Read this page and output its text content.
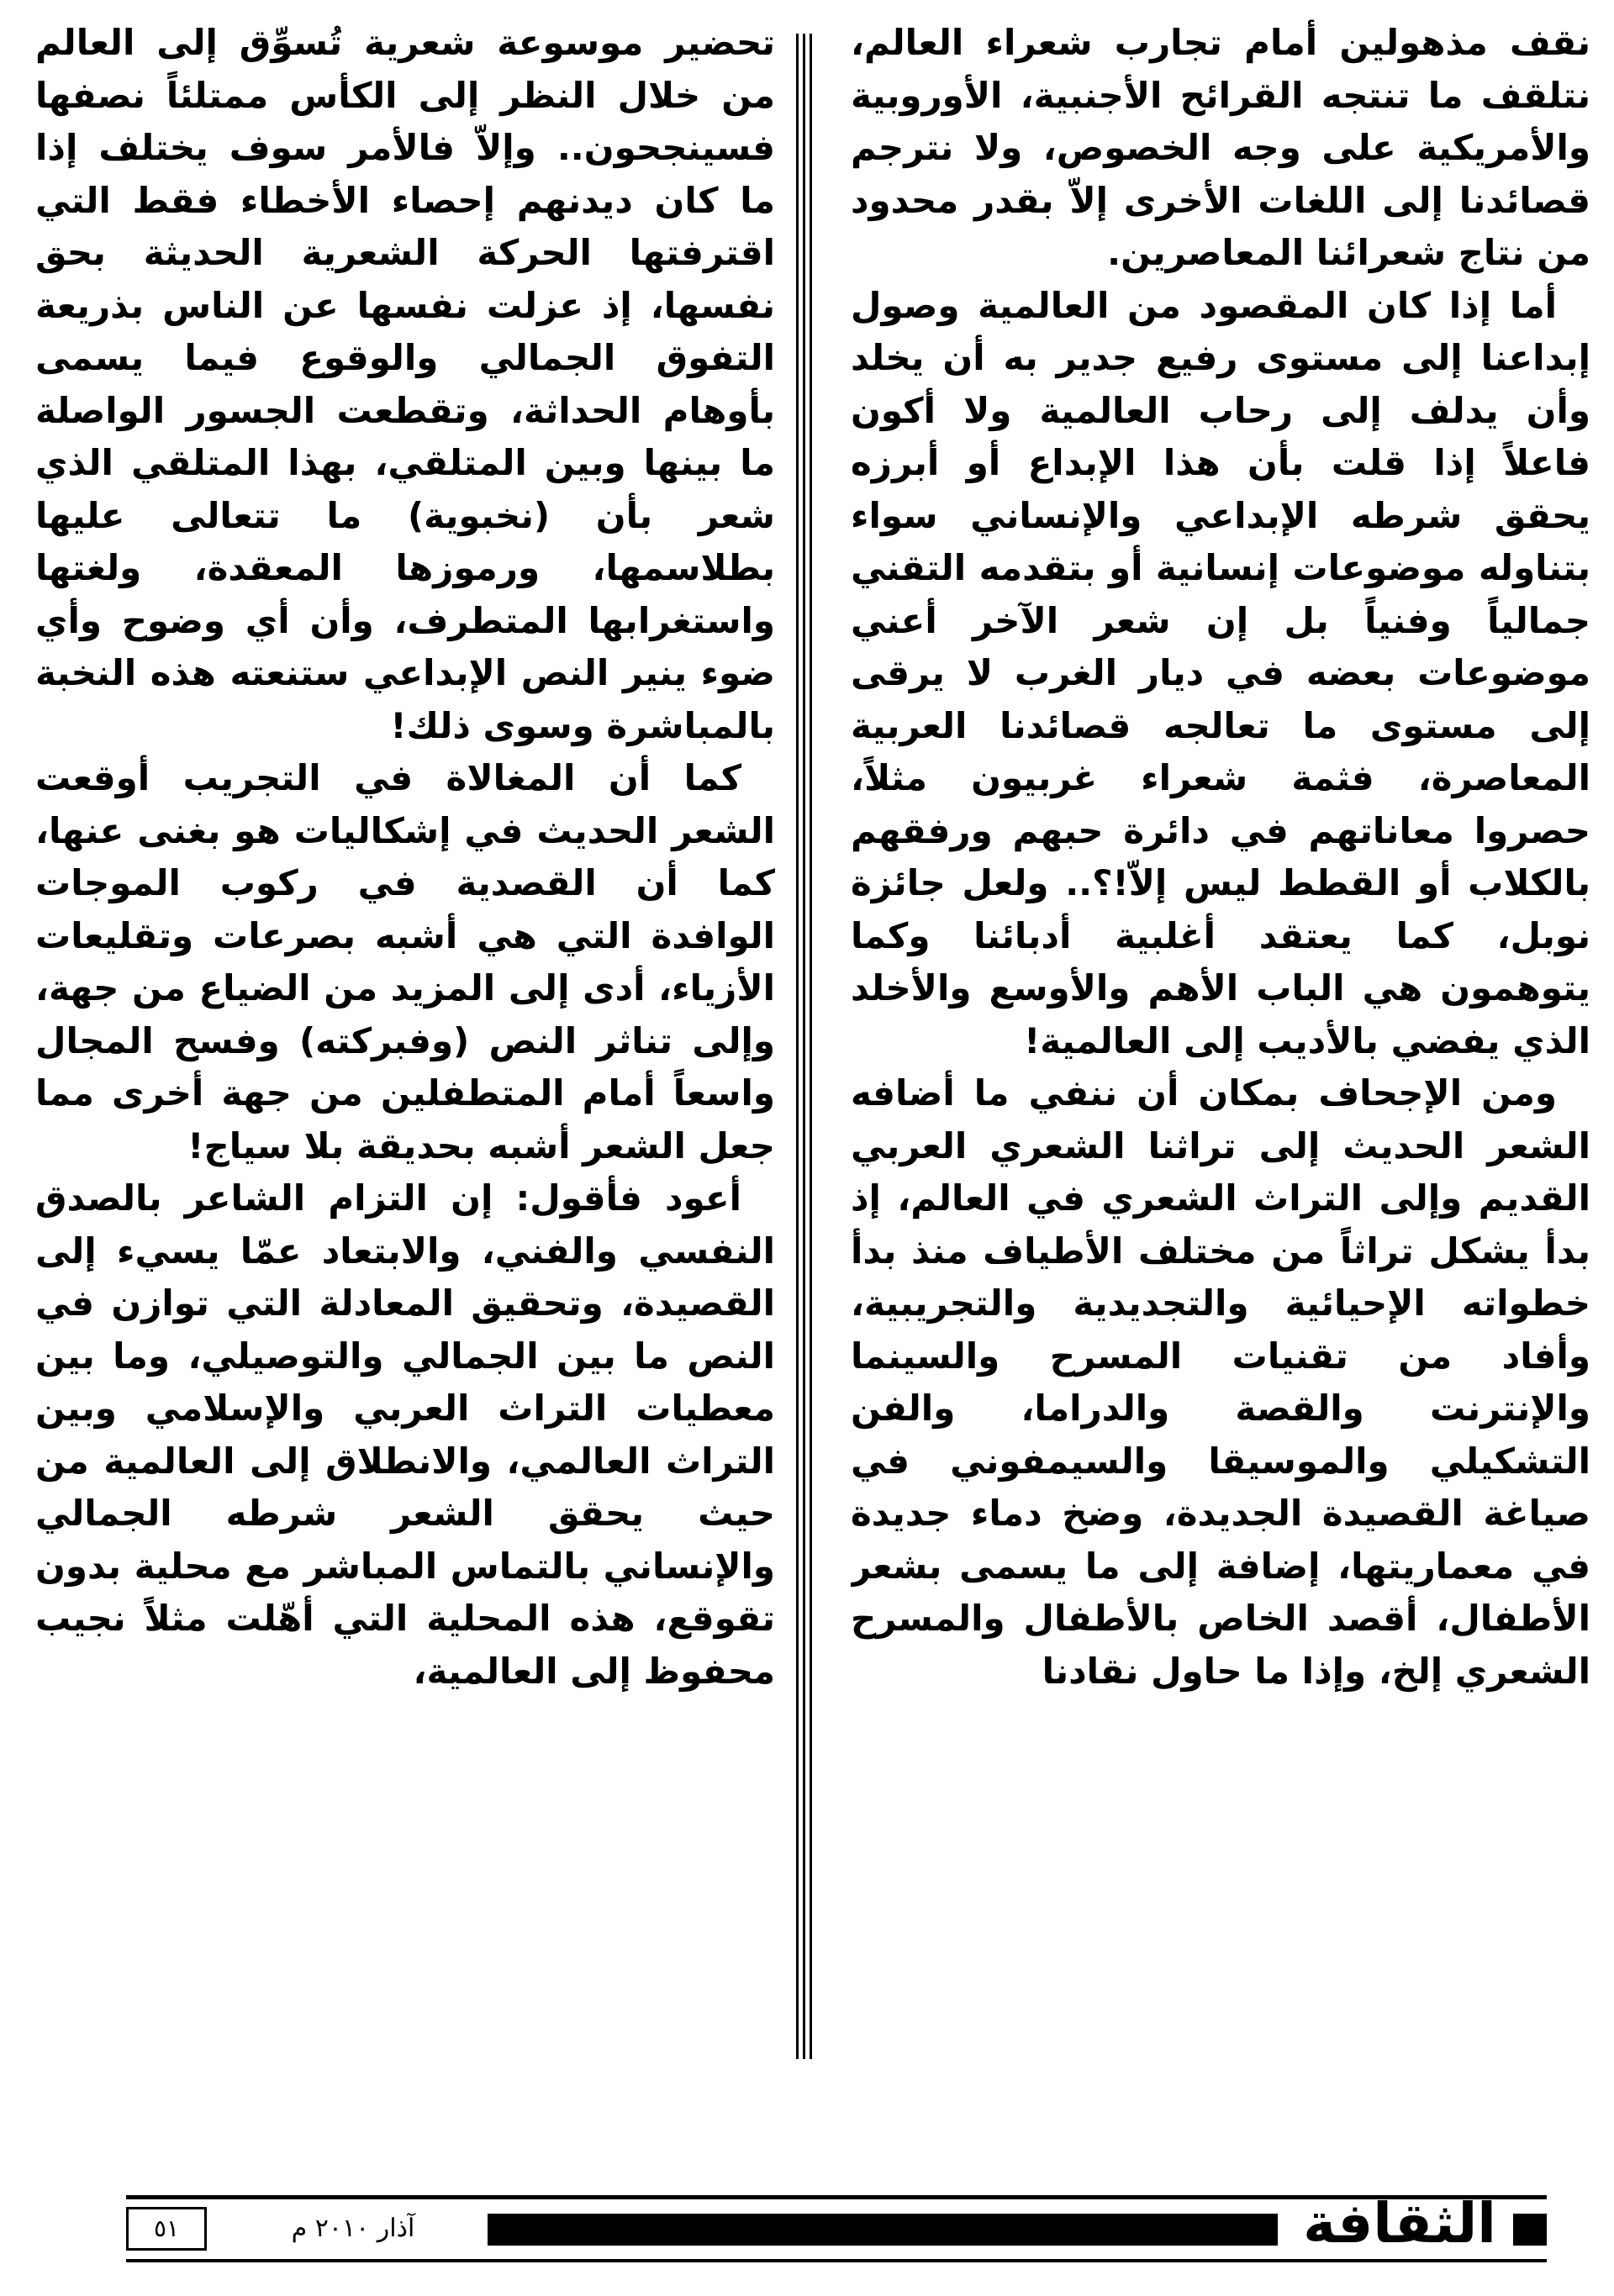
نقف مذهولين أمام تجارب شعراء العالم، نتلقف ما تنتجه القرائح الأجنبية، الأوروبية والأمريكية على وجه الخصوص، ولا نترجم قصائدنا إلى اللغات الأخرى إلاّ بقدر محدود من نتاج شعرائنا المعاصرين.

أما إذا كان المقصود من العالمية وصول إبداعنا إلى مستوى رفيع جدير به أن يخلد وأن يدلف إلى رحاب العالمية ولا أكون فاعلاً إذا قلت بأن هذا الإبداع أو أبرزه يحقق شرطه الإبداعي والإنساني سواء بتناوله موضوعات إنسانية أو بتقدمه التقني جمالياً وفنياً بل إن شعر الآخر أعني موضوعات بعضه في ديار الغرب لا يرقى إلى مستوى ما تعالجه قصائدنا العربية المعاصرة، فثمة شعراء غربيون مثلاً، حصروا معاناتهم في دائرة حبهم ورفقهم بالكلاب أو القطط ليس إلاّ!؟.. ولعل جائزة نوبل، كما يعتقد أغلبية أدبائنا وكما يتوهمون هي الباب الأهم والأوسع والأخلد الذي يفضي بالأديب إلى العالمية!

ومن الإجحاف بمكان أن ننفي ما أضافه الشعر الحديث إلى تراثنا الشعري العربي القديم وإلى التراث الشعري في العالم، إذ بدأ يشكل تراثاً من مختلف الأطياف منذ بدأ خطواته الإحيائية والتجديدية والتجريبية، وأفاد من تقنيات المسرح والسينما والإنترنت والقصة والدراما، والفن التشكيلي والموسيقا والسيمفوني في صياغة القصيدة الجديدة، وضخ دماء جديدة في معماريتها، إضافة إلى ما يسمى بشعر الأطفال، أقصد الخاص بالأطفال والمسرح الشعري إلخ، وإذا ما حاول نقادنا

تحضير موسوعة شعرية تُسوِّق إلى العالم من خلال النظر إلى الكأس ممتلئاً نصفها فسينجحون.. وإلاّ فالأمر سوف يختلف إذا ما كان ديدنهم إحصاء الأخطاء فقط التي اقترفتها الحركة الشعرية الحديثة بحق نفسها، إذ عزلت نفسها عن الناس بذريعة التفوق الجمالي والوقوع فيما يسمى بأوهام الحداثة، وتقطعت الجسور الواصلة ما بينها وبين المتلقي، بهذا المتلقي الذي شعر بأن (نخبوية) ما تتعالى عليها بطلاسمها، ورموزها المعقدة، ولغتها واستغرابها المتطرف، وأن أي وضوح وأي ضوء ينير النص الإبداعي ستنعته هذه النخبة بالمباشرة وسوى ذلك!

كما أن المغالاة في التجريب أوقعت الشعر الحديث في إشكاليات هو بغنى عنها، كما أن القصدية في ركوب الموجات الوافدة التي هي أشبه بصرعات وتقليعات الأزياء، أدى إلى المزيد من الضياع من جهة، وإلى تناثر النص (وفبركته) وفسح المجال واسعاً أمام المتطفلين من جهة أخرى مما جعل الشعر أشبه بحديقة بلا سياج!

أعود فأقول: إن التزام الشاعر بالصدق النفسي والفني، والابتعاد عمّا يسيء إلى القصيدة، وتحقيق المعادلة التي توازن في النص ما بين الجمالي والتوصيلي، وما بين معطيات التراث العربي والإسلامي وبين التراث العالمي، والانطلاق إلى العالمية من حيث يحقق الشعر شرطه الجمالي والإنساني بالتماس المباشر مع محلية بدون تقوقع، هذه المحلية التي أهّلت مثلاً نجيب محفوظ إلى العالمية،

الثقافة
آذار ٢٠١٠ م
٥١
